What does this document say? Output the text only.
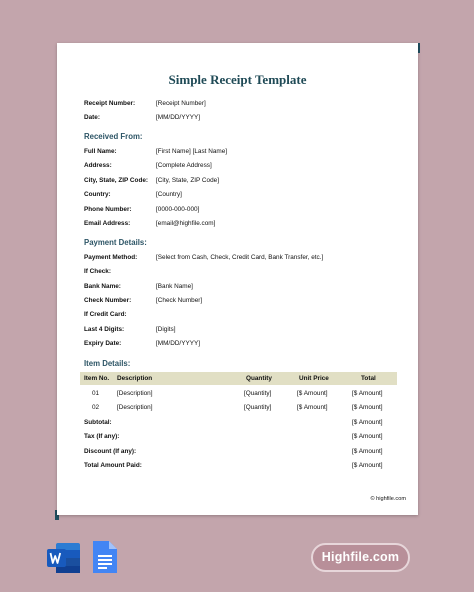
Simple Receipt Template
Receipt Number:	[Receipt Number]
Date:	[MM/DD/YYYY]
Received From:
Full Name:	[First Name] [Last Name]
Address:	[Complete Address]
City, State, ZIP Code: [City, State, ZIP Code]
Country:	[Country]
Phone Number:	[0000-000-000]
Email Address:	[email@highfile.com]
Payment Details:
Payment Method:	[Select from Cash, Check, Credit Card, Bank Transfer, etc.]
If Check:
Bank Name:	[Bank Name]
Check Number:	[Check Number]
If Credit Card:
Last 4 Digits:	[Digits]
Expiry Date:	[MM/DD/YYYY]
Item Details:
Item No. Description	Quantity	Unit Price	Total
01	[Description]	[Quantity]	[$ Amount]	[$ Amount]
02	[Description]	[Quantity]	[$ Amount]	[$ Amount]
Subtotal:	[$ Amount]
Tax (If any):	[$ Amount]
Discount (If any):	[$ Amount]
Total Amount Paid:	[$ Amount]
© highfile.com
Highfile.com
